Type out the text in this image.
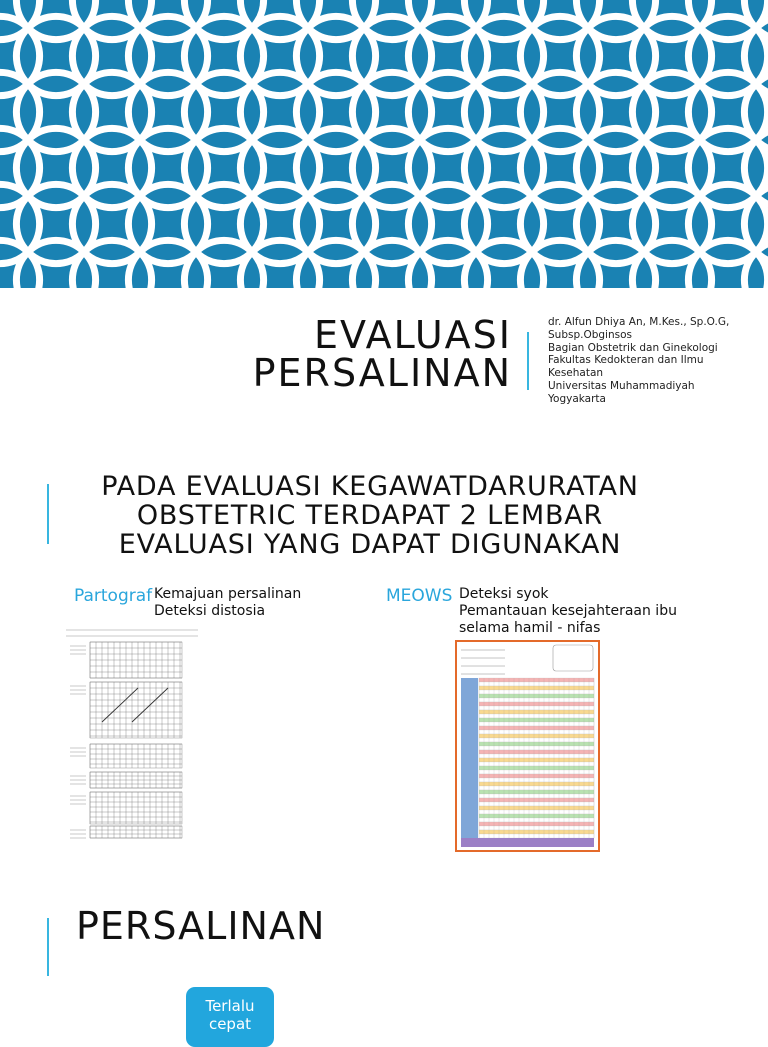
EVALUASI
PERSALINAN
dr. Alfun Dhiya An, M.Kes., Sp.O.G,
Subsp.Obginsos
Bagian Obstetrik dan Ginekologi
Fakultas Kedokteran dan Ilmu
Kesehatan
Universitas Muhammadiyah
Yogyakarta
PADA EVALUASI KEGAWATDARURATAN
OBSTETRIC TERDAPAT 2 LEMBAR
EVALUASI YANG DAPAT DIGUNAKAN
Partograf Kemajuan persalinan
Deteksi distosia
MEOWS Deteksi syok
Pemantauan kesejahteraan ibu
selama hamil - nifas
PERSALINAN
Terlalu cepat
